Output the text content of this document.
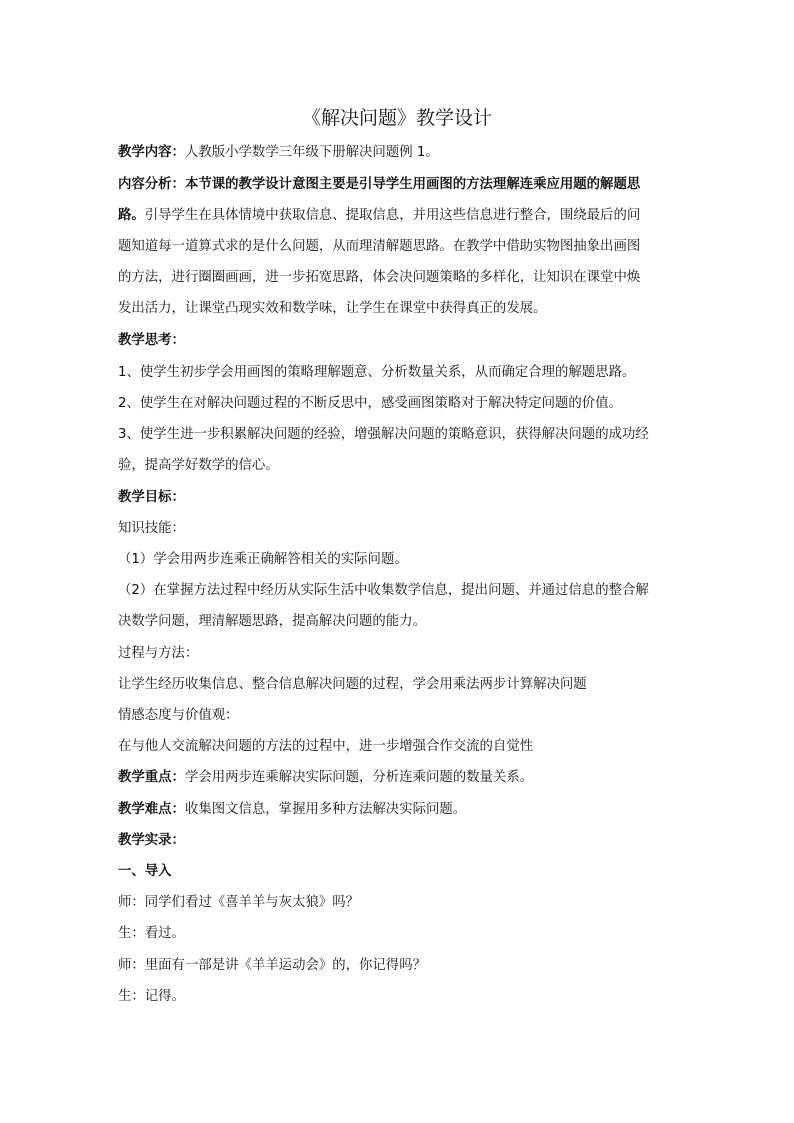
《解决问题》教学设计
教学内容：人教版小学数学三年级下册解决问题例 1。
内容分析：本节课的教学设计意图主要是引导学生用画图的方法理解连乘应用题的解题思
路。引导学生在具体情境中获取信息、提取信息，并用这些信息进行整合，围绕最后的问
题知道每一道算式求的是什么问题，从而理清解题思路。在教学中借助实物图抽象出画图
的方法，进行圈圈画画，进一步拓宽思路，体会决问题策略的多样化，让知识在课堂中焕
发出活力，让课堂凸现实效和数学味，让学生在课堂中获得真正的发展。
教学思考：
1、使学生初步学会用画图的策略理解题意、分析数量关系，从而确定合理的解题思路。
2、使学生在对解决问题过程的不断反思中，感受画图策略对于解决特定问题的价值。
3、使学生进一步积累解决问题的经验，增强解决问题的策略意识，获得解决问题的成功经
验，提高学好数学的信心。
教学目标：
知识技能：
（1）学会用两步连乘正确解答相关的实际问题。
（2）在掌握方法过程中经历从实际生活中收集数学信息，提出问题、并通过信息的整合解
决数学问题，理清解题思路，提高解决问题的能力。
过程与方法：
让学生经历收集信息、整合信息解决问题的过程，学会用乘法两步计算解决问题
情感态度与价值观：
在与他人交流解决问题的方法的过程中，进一步增强合作交流的自觉性
教学重点：学会用两步连乘解决实际问题，分析连乘问题的数量关系。
教学难点：收集图文信息，掌握用多种方法解决实际问题。
教学实录：
一、导入
师：同学们看过《喜羊羊与灰太狼》吗？
生：看过。
师：里面有一部是讲《羊羊运动会》的，你记得吗？
生：记得。
